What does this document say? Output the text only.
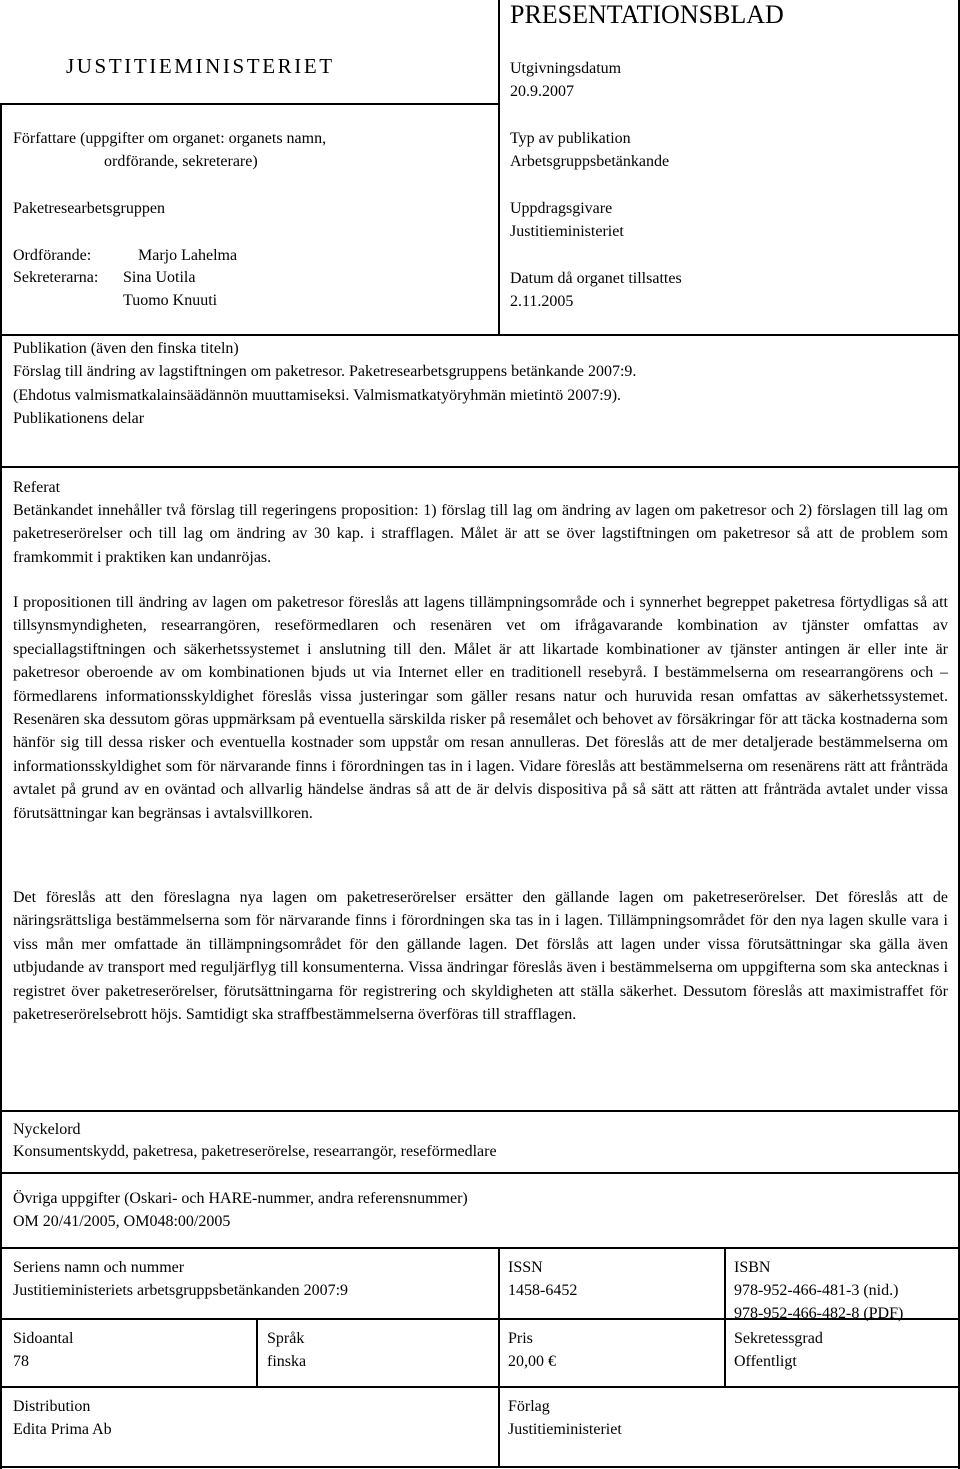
JUSTITIEMINISTERIET
PRESENTATIONSBLAD
Författare (uppgifter om organet: organets namn,
ordförande, sekreterare)
Paketresearbetsgruppen
Ordförande:	Marjo Lahelma
Sekreterarna: Sina Uotila
Tuomo Knuuti
Utgivningsdatum
20.9.2007
Typ av publikation
Arbetsgruppsbetänkande
Uppdragsgivare
Justitieministeriet
Datum då organet tillsattes
2.11.2005
Publikation (även den finska titeln)
Förslag till ändring av lagstiftningen om paketresor. Paketresearbetsgruppens betänkande 2007:9.
(Ehdotus valmismatkalainsäädännön muuttamiseksi. Valmismatkatyöryhmän mietintö 2007:9).
Publikationens delar
Referat

Betänkandet innehåller två förslag till regeringens proposition: 1) förslag till lag om ändring av lagen om paketresor och 2) förslagen till lag om paketreserörelser och till lag om ändring av 30 kap. i strafflagen. Målet är att se över lagstiftningen om paketresor så att de problem som framkommit i praktiken kan undanröjas.

I propositionen till ändring av lagen om paketresor föreslås att lagens tillämpningsområde och i synnerhet begreppet paketresa förtydligas så att tillsynsmyndigheten, researrangören, reseförmedlaren och resenären vet om ifrågavarande kombination av tjänster omfattas av speciallagstiftningen och säkerhetssystemet i anslutning till den. Målet är att likartade kombinationer av tjänster antingen är eller inte är paketresor oberoende av om kombinationen bjuds ut via Internet eller en traditionell resebyrå. I bestämmelserna om researrangörens och –förmedlarens informationsskyldighet föreslås vissa justeringar som gäller resans natur och huruvida resan omfattas av säkerhetssystemet. Resenären ska dessutom göras uppmärksam på eventuella särskilda risker på resemålet och behovet av försäkringar för att täcka kostnaderna som hänför sig till dessa risker och eventuella kostnader som uppstår om resan annulleras. Det föreslås att de mer detaljerade bestämmelserna om informationsskyldighet som för närvarande finns i förordningen tas in i lagen. Vidare föreslås att bestämmelserna om resenärens rätt att frånträda avtalet på grund av en oväntad och allvarlig händelse ändras så att de är delvis dispositiva på så sätt att rätten att frånträda avtalet under vissa förutsättningar kan begränsas i avtalsvillkoren.

Det föreslås att den föreslagna nya lagen om paketreserörelser ersätter den gällande lagen om paketreserörelser. Det föreslås att de näringsrättsliga bestämmelserna som för närvarande finns i förordningen ska tas in i lagen. Tillämpningsområdet för den nya lagen skulle vara i viss mån mer omfattade än tillämpningsområdet för den gällande lagen. Det förslås att lagen under vissa förutsättningar ska gälla även utbjudande av transport med reguljärflyg till konsumenterna. Vissa ändringar föreslås även i bestämmelserna om uppgifterna som ska antecknas i registret över paketreserörelser, förutsättningarna för registrering och skyldigheten att ställa säkerhet. Dessutom föreslås att maximistraffet för paketreserörelsebrott höjs. Samtidigt ska straffbestämmelserna överföras till strafflagen.

Nyckelord
Konsumentskydd, paketresa, paketreserörelse, researrangör, reseförmedlare
Övriga uppgifter (Oskari- och HARE-nummer, andra referensnummer)
OM 20/41/2005, OM048:00/2005
Seriens namn och nummer
Justitieministeriets arbetsgruppsbetänkanden 2007:9
ISSN
1458-6452
ISBN
978-952-466-481-3 (nid.)
978-952-466-482-8 (PDF)
Sidoantal
78
Språk
finska
Pris
20,00 €
Sekretessgrad
Offentligt
Distribution
Edita Prima Ab
Förlag
Justitieministeriet
